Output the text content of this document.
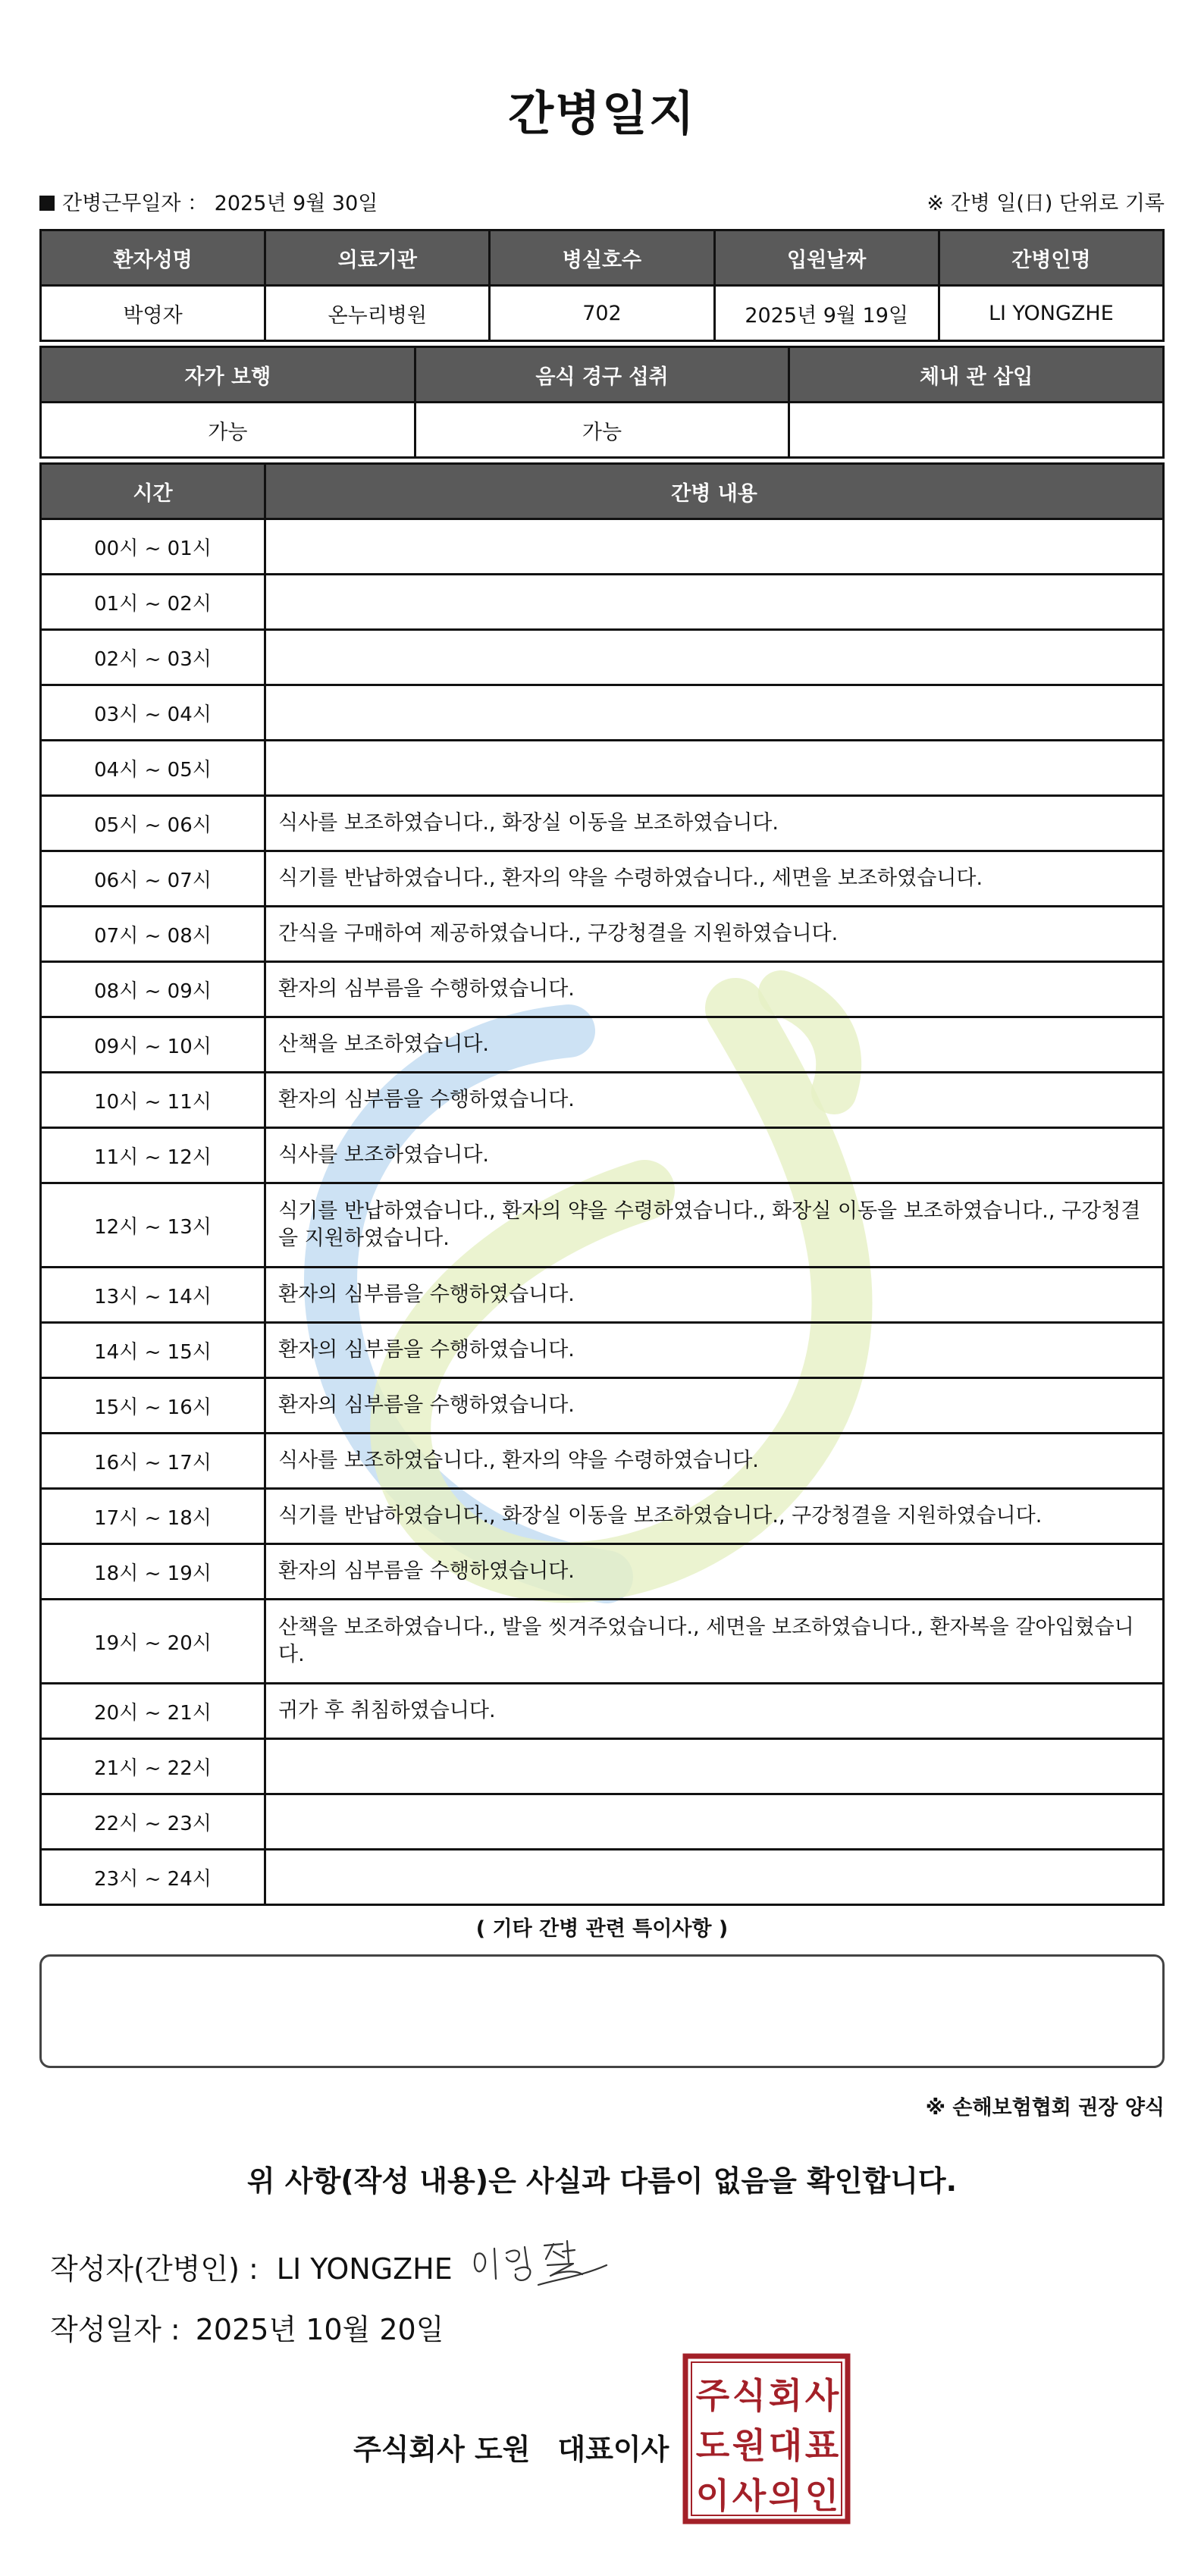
간병일지
간병근무일자 ： 2025년 9월 30일	※ 간병 일(日) 단위로 기록
환자성명	의료기관	병실호수	입원날짜	간병인명
박영자	온누리병원	702	2025년 9월 19일	LI YONGZHE
자가 보행	음식 경구 섭취	체내 관 삽입
가능	가능	
시간	간병 내용
00시 ~ 01시	
01시 ~ 02시	
02시 ~ 03시	
03시 ~ 04시	
04시 ~ 05시	
05시 ~ 06시	식사를 보조하였습니다., 화장실 이동을 보조하였습니다.
06시 ~ 07시	식기를 반납하였습니다., 환자의 약을 수령하였습니다., 세면을 보조하였습니다.
07시 ~ 08시	간식을 구매하여 제공하였습니다., 구강청결을 지원하였습니다.
08시 ~ 09시	환자의 심부름을 수행하였습니다.
09시 ~ 10시	산책을 보조하였습니다.
10시 ~ 11시	환자의 심부름을 수행하였습니다.
11시 ~ 12시	식사를 보조하였습니다.
12시 ~ 13시	식기를 반납하였습니다., 환자의 약을 수령하였습니다., 화장실 이동을 보조하였습니다., 구강청결을 지원하였습니다.
13시 ~ 14시	환자의 심부름을 수행하였습니다.
14시 ~ 15시	환자의 심부름을 수행하였습니다.
15시 ~ 16시	환자의 심부름을 수행하였습니다.
16시 ~ 17시	식사를 보조하였습니다., 환자의 약을 수령하였습니다.
17시 ~ 18시	식기를 반납하였습니다., 화장실 이동을 보조하였습니다., 구강청결을 지원하였습니다.
18시 ~ 19시	환자의 심부름을 수행하였습니다.
19시 ~ 20시	산책을 보조하였습니다., 발을 씻겨주었습니다., 세면을 보조하였습니다., 환자복을 갈아입혔습니다.
20시 ~ 21시	귀가 후 취침하였습니다.
21시 ~ 22시	
22시 ~ 23시	
23시 ~ 24시	
( 기타 간병 관련 특이사항 )
※ 손해보험협회 권장 양식
위 사항(작성 내용)은 사실과 다름이 없음을 확인합니다.
작성자(간병인) : LI YONGZHE
작성일자 : 2025년 10월 20일
주식회사 도원 대표이사
주 식 회 사
도 원 대 표
이 사 의 인
